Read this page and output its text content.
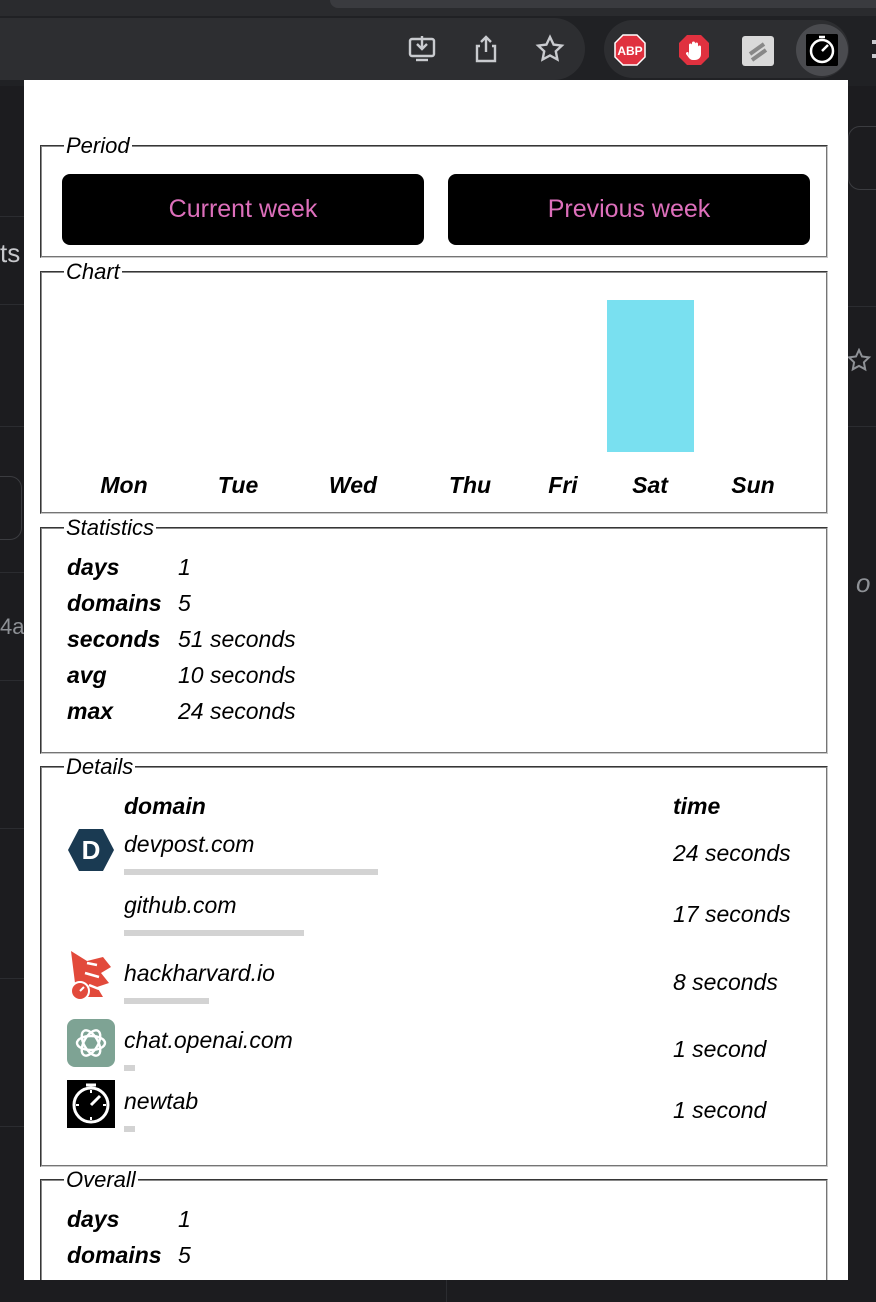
ABP
ts
4a
o
Period
Current week	Previous week
Chart
Mon	Tue	Wed	Thu Fri Sat	Sun
Statistics
days	1
domains 5
seconds 51 seconds
avg	10 seconds
max	24 seconds
Details
domain	time
D devpost.com	24 seconds
github.com	17 seconds
hackharvard.io	8 seconds
chat.openai.com	1 second
newtab	1 second
Overall
days	1
domains 5
